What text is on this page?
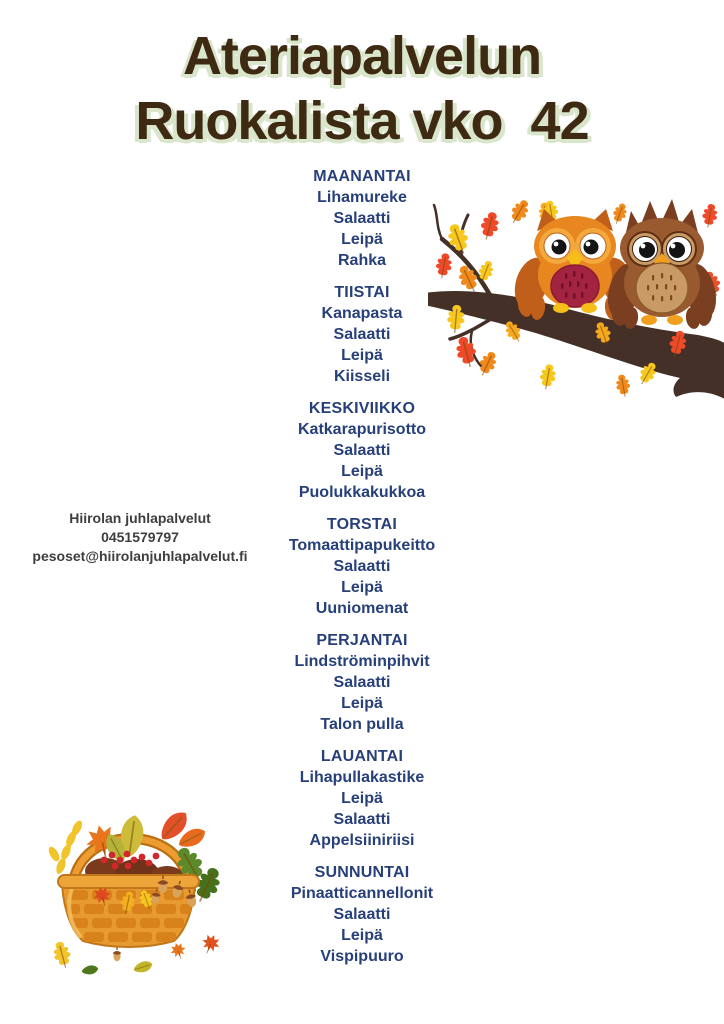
Ateriapalvelun
Ruokalista vko  42
MAANANTAI
Lihamureke
Salaatti
Leipä
Rahka
TIISTAI
Kanapasta
Salaatti
Leipä
Kiisseli
KESKIVIIKKO
Katkarapurisotto
Salaatti
Leipä
Puolukkakukkoa
TORSTAI
Tomaattipapukeitto
Salaatti
Leipä
Uuniomenat
PERJANTAI
Lindströminpihvit
Salaatti
Leipä
Talon pulla
LAUANTAI
Lihapullakastike
Leipä
Salaatti
Appelsiiniriisi
SUNNUNTAI
Pinaatticannellonit
Salaatti
Leipä
Vispipuuro
Hiirolan juhlapalvelut
0451579797
pesoset@hiirolanjuhlapalvelut.fi
